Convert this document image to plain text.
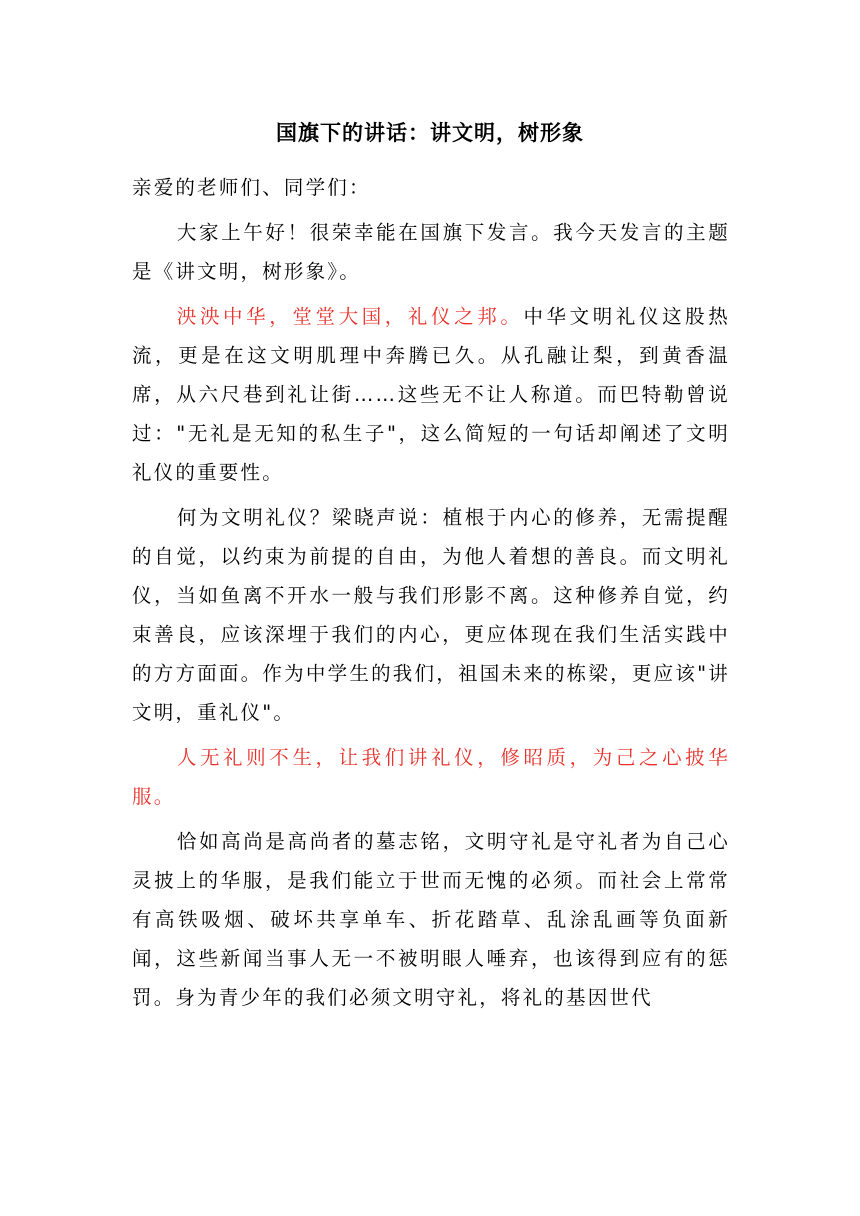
国旗下的讲话：讲文明，树形象

亲爱的老师们、同学们：

大家上午好！很荣幸能在国旗下发言。我今天发言的主题是《讲文明，树形象》。

泱泱中华，堂堂大国，礼仪之邦。中华文明礼仪这股热流，更是在这文明肌理中奔腾已久。从孔融让梨，到黄香温席，从六尺巷到礼让街……这些无不让人称道。而巴特勒曾说过："无礼是无知的私生子"，这么简短的一句话却阐述了文明礼仪的重要性。

何为文明礼仪？梁晓声说：植根于内心的修养，无需提醒的自觉，以约束为前提的自由，为他人着想的善良。而文明礼仪，当如鱼离不开水一般与我们形影不离。这种修养自觉，约束善良，应该深埋于我们的内心，更应体现在我们生活实践中的方方面面。作为中学生的我们，祖国未来的栋梁，更应该"讲文明，重礼仪"。

人无礼则不生，让我们讲礼仪，修昭质，为己之心披华服。

恰如高尚是高尚者的墓志铭，文明守礼是守礼者为自己心灵披上的华服，是我们能立于世而无愧的必须。而社会上常常有高铁吸烟、破坏共享单车、折花踏草、乱涂乱画等负面新闻，这些新闻当事人无一不被明眼人唾弃，也该得到应有的惩罚。身为青少年的我们必须文明守礼，将礼的基因世代
